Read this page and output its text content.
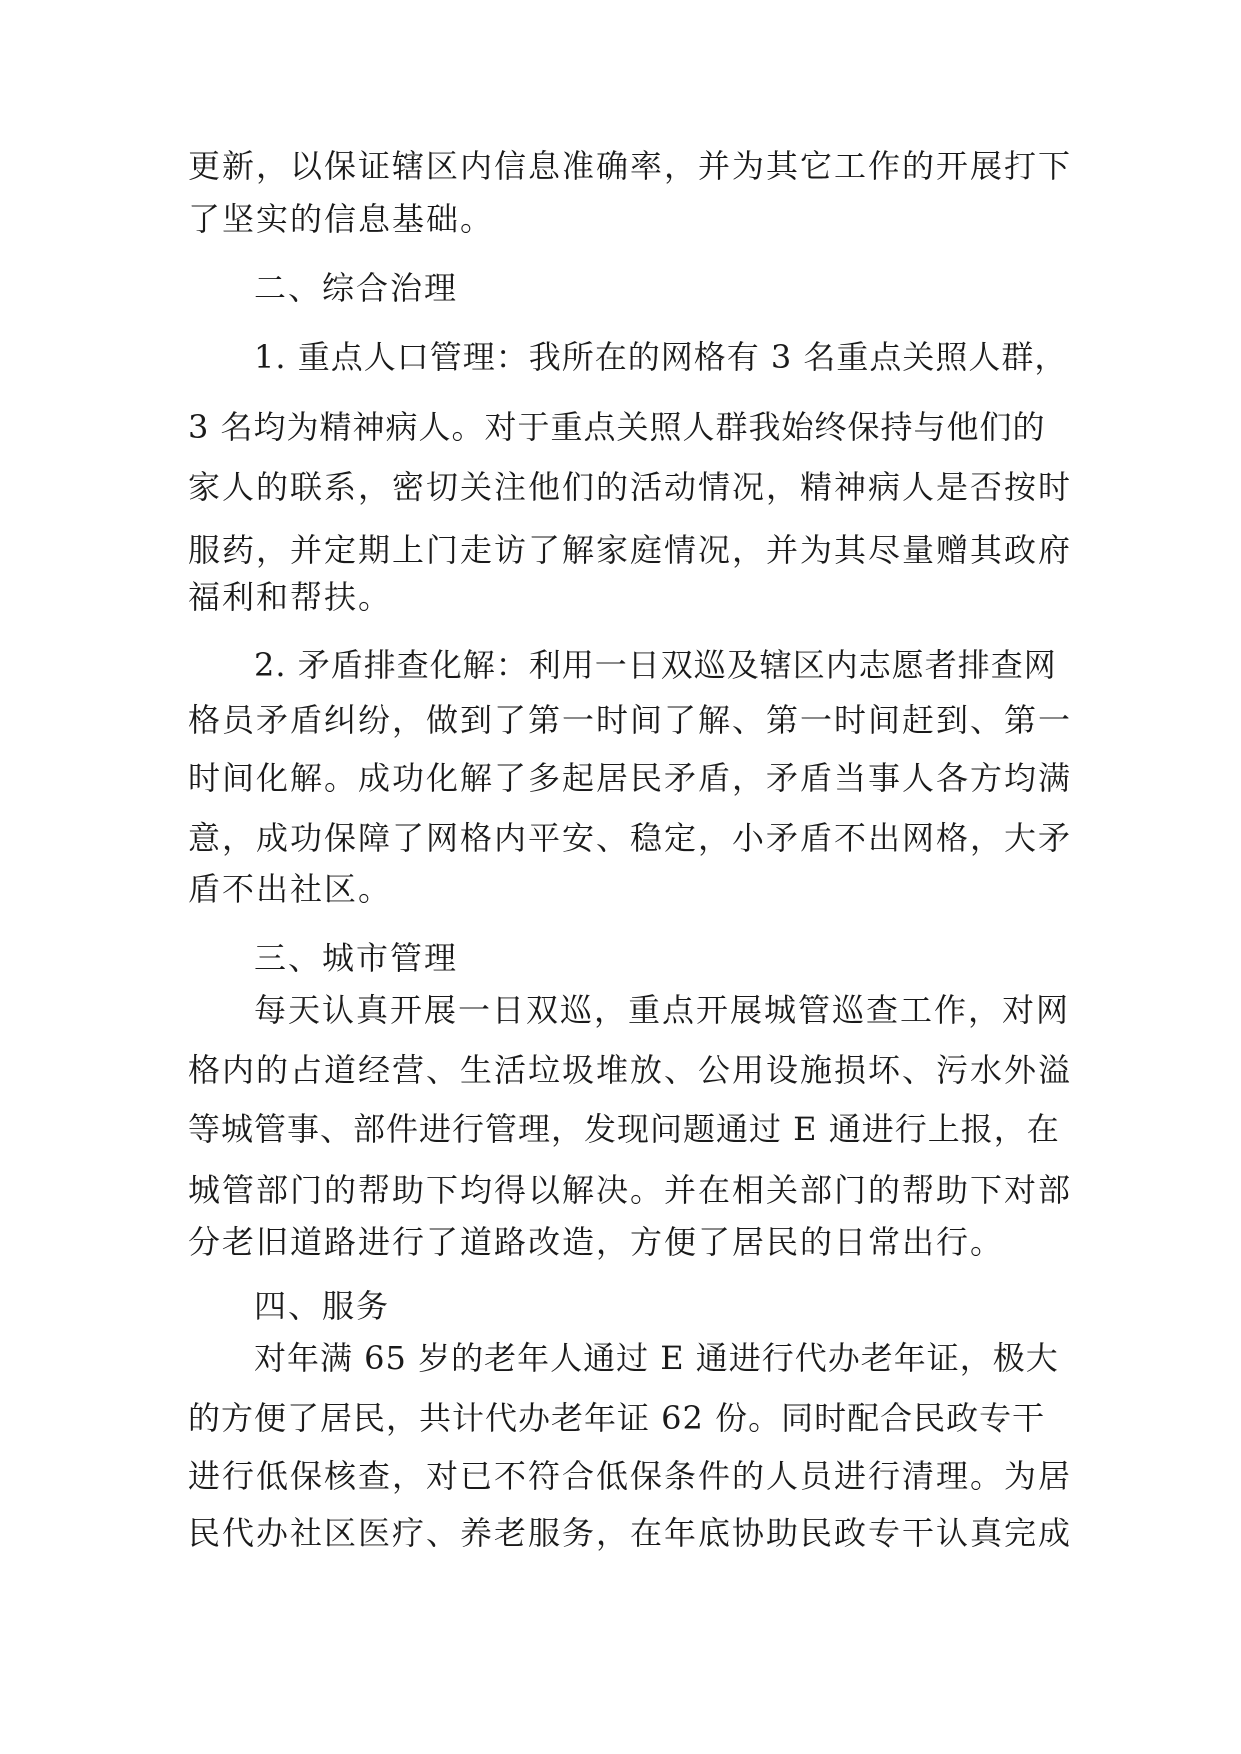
更新，以保证辖区内信息准确率，并为其它工作的开展打下
了坚实的信息基础。
二、综合治理
1. 重点人口管理：我所在的网格有 3 名重点关照人群，
3 名均为精神病人。对于重点关照人群我始终保持与他们的
家人的联系，密切关注他们的活动情况，精神病人是否按时
服药，并定期上门走访了解家庭情况，并为其尽量赠其政府
福利和帮扶。
2. 矛盾排查化解：利用一日双巡及辖区内志愿者排查网
格员矛盾纠纷，做到了第一时间了解、第一时间赶到、第一
时间化解。成功化解了多起居民矛盾，矛盾当事人各方均满
意，成功保障了网格内平安、稳定，小矛盾不出网格，大矛
盾不出社区。
三、城市管理
每天认真开展一日双巡，重点开展城管巡查工作，对网
格内的占道经营、生活垃圾堆放、公用设施损坏、污水外溢
等城管事、部件进行管理，发现问题通过 E 通进行上报，在
城管部门的帮助下均得以解决。并在相关部门的帮助下对部
分老旧道路进行了道路改造，方便了居民的日常出行。
四、服务
对年满 65 岁的老年人通过 E 通进行代办老年证，极大
的方便了居民，共计代办老年证 62 份。同时配合民政专干
进行低保核查，对已不符合低保条件的人员进行清理。为居
民代办社区医疗、养老服务，在年底协助民政专干认真完成
